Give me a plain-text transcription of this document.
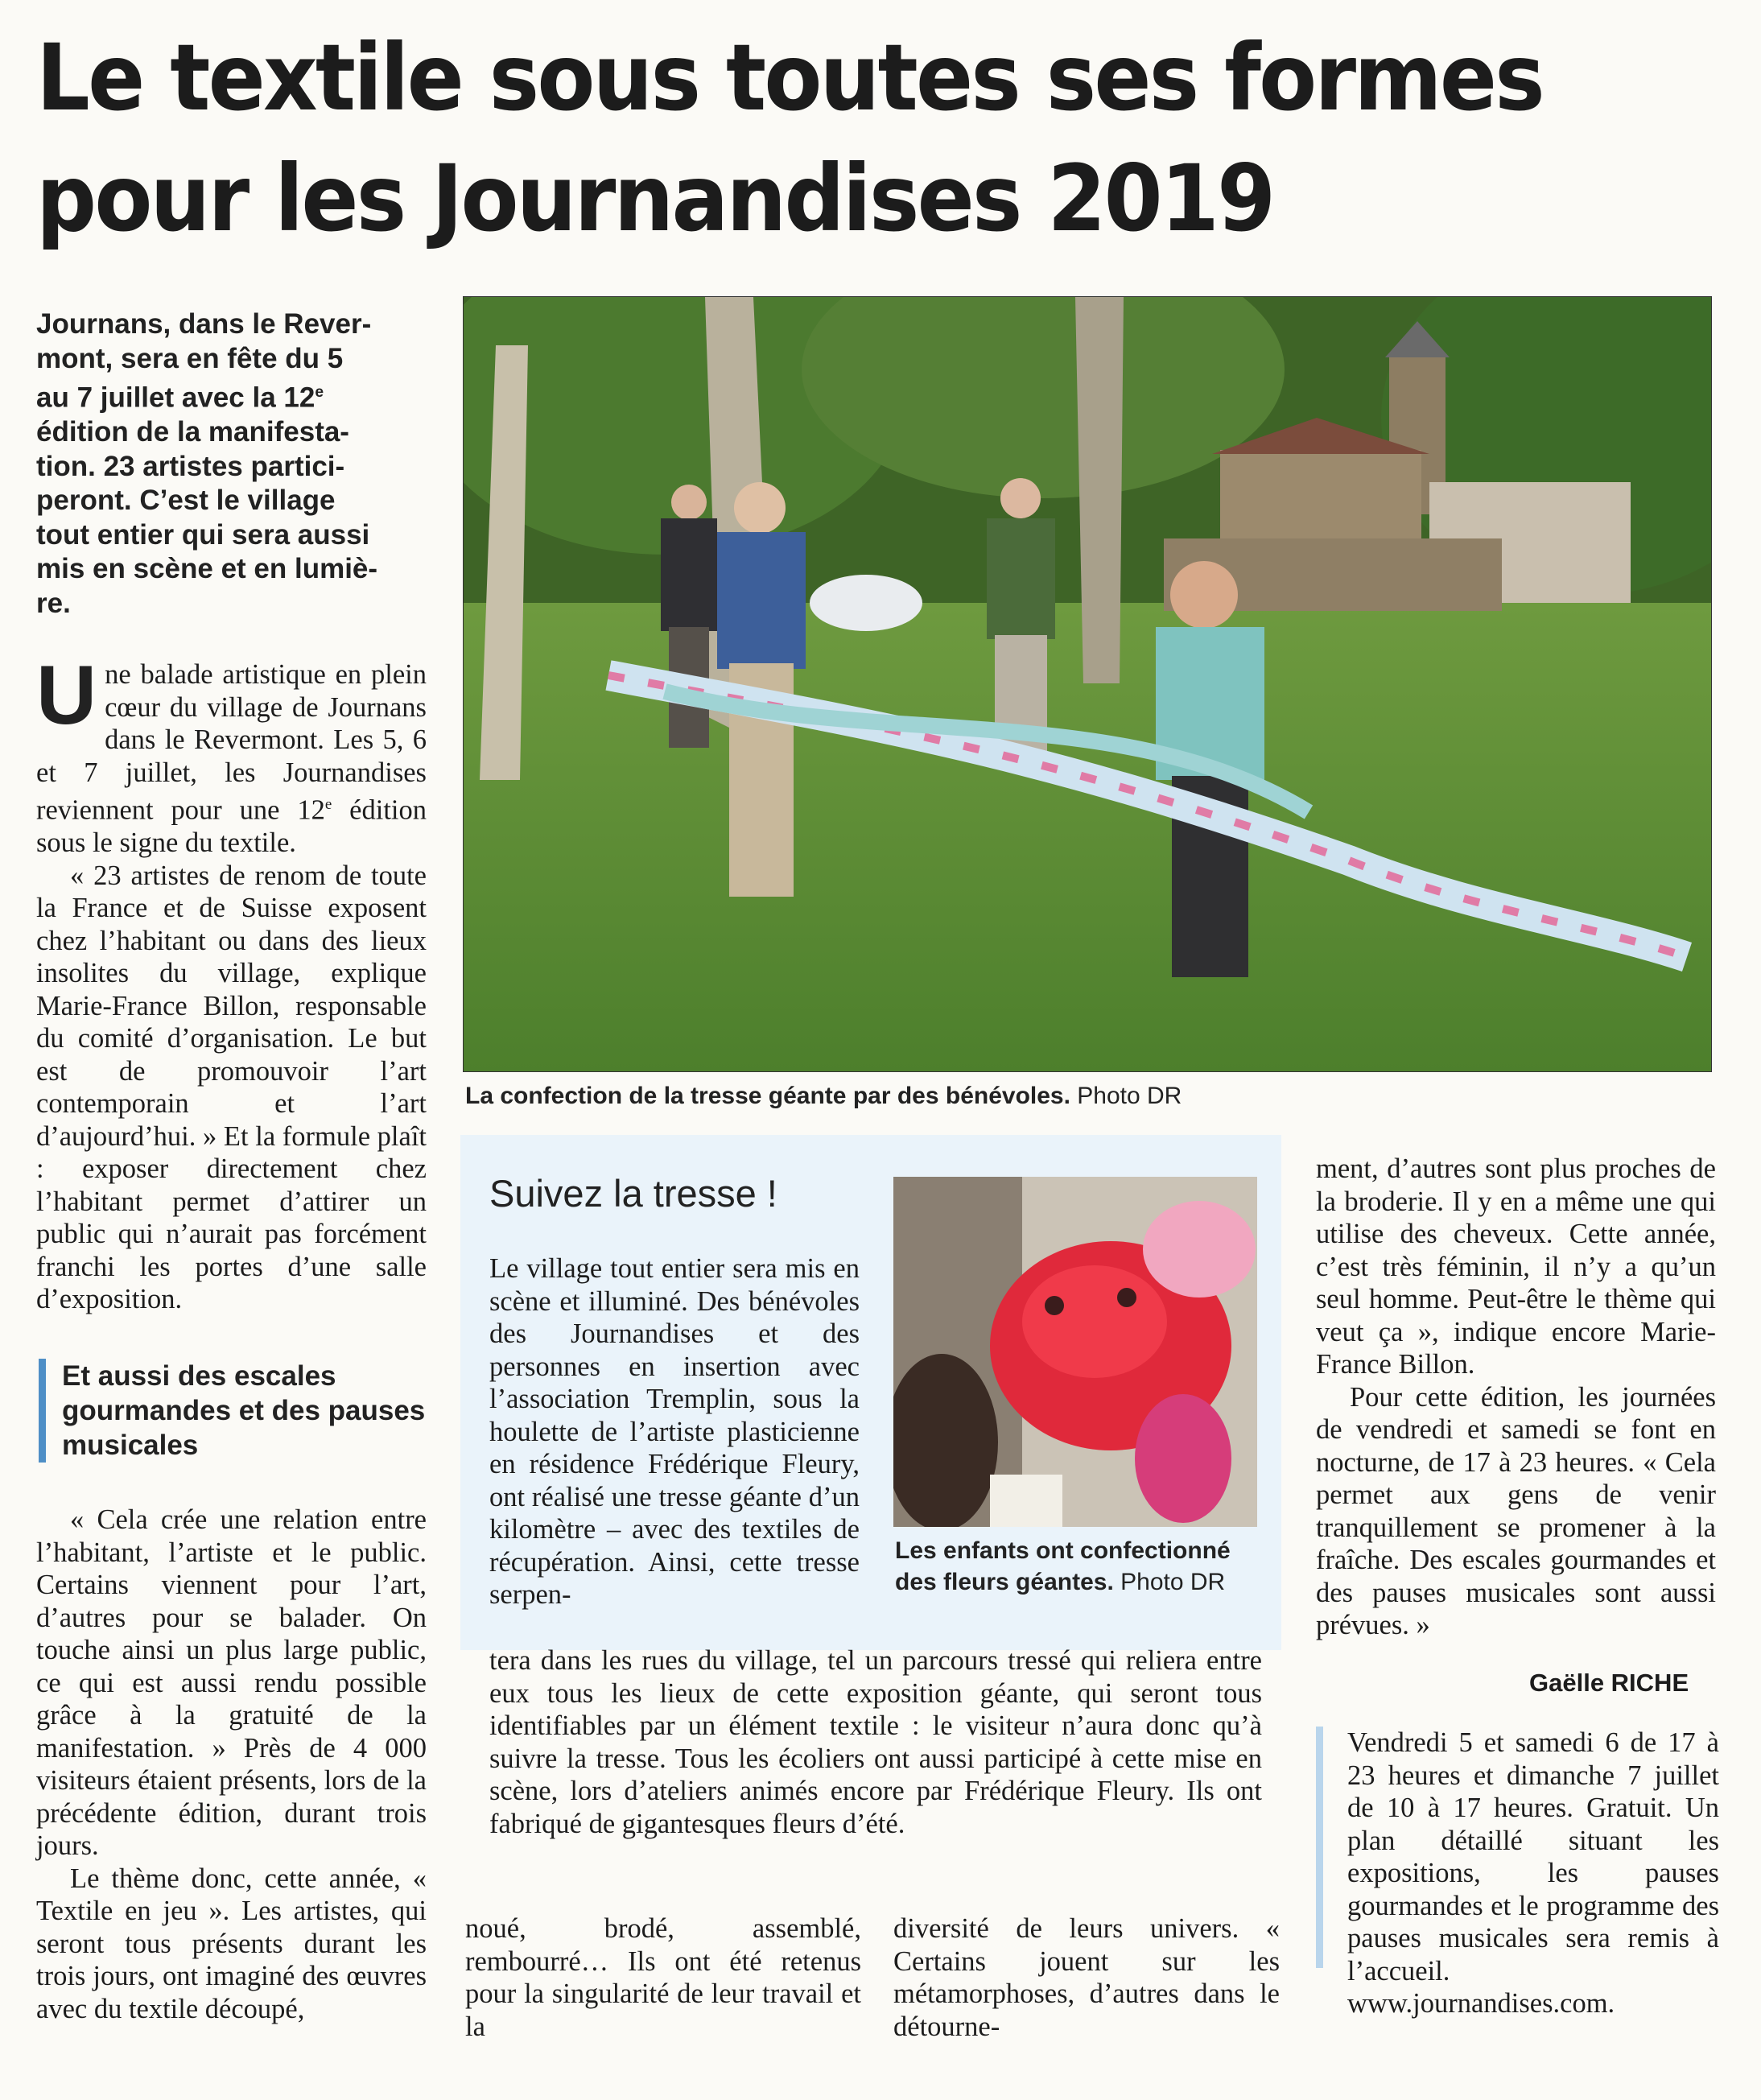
Le textile sous toutes ses formes
pour les Journandises 2019
Journans, dans le Rever-
mont, sera en fête du 5
au 7 juillet avec la 12e
édition de la manifesta-
tion. 23 artistes partici-
peront. C’est le village
tout entier qui sera aussi
mis en scène et en lumiè-
re.

Une balade artistique en plein cœur du village de Journans dans le Revermont. Les 5, 6 et 7 juillet, les Journandises reviennent pour une 12e édition sous le signe du textile.

« 23 artistes de renom de toute la France et de Suisse exposent chez l’habitant ou dans des lieux insolites du village, explique Marie-France Billon, responsable du comité d’organisation. Le but est de promouvoir l’art contemporain et l’art d’aujourd’hui. » Et la formule plaît : exposer directement chez l’habitant permet d’attirer un public qui n’aurait pas forcément franchi les portes d’une salle d’exposition.

Et aussi des escales gourmandes et des pauses musicales

« Cela crée une relation entre l’habitant, l’artiste et le public. Certains viennent pour l’art, d’autres pour se balader. On touche ainsi un plus large public, ce qui est aussi rendu possible grâce à la gratuité de la manifestation. » Près de 4 000 visiteurs étaient présents, lors de la précédente édition, durant trois jours.

Le thème donc, cette année, « Textile en jeu ». Les artistes, qui seront tous présents durant les trois jours, ont imaginé des œuvres avec du textile découpé,

La confection de la tresse géante par des bénévoles. Photo DR
Suivez la tresse !

Le village tout entier sera mis en scène et illuminé. Des bénévoles des Journandises et des personnes en insertion avec l’association Tremplin, sous la houlette de l’artiste plasticienne en résidence Frédérique Fleury, ont réalisé une tresse géante d’un kilomètre – avec des textiles de récupération. Ainsi, cette tresse serpen-

tera dans les rues du village, tel un parcours tressé qui reliera entre eux tous les lieux de cette exposition géante, qui seront tous identifiables par un élément textile : le visiteur n’aura donc qu’à suivre la tresse. Tous les écoliers ont aussi participé à cette mise en scène, lors d’ateliers animés encore par Frédérique Fleury. Ils ont fabriqué de gigantesques fleurs d’été.

Les enfants ont confectionné des fleurs géantes. Photo DR

noué, brodé, assemblé, rembourré… Ils ont été retenus pour la singularité de leur travail et la

diversité de leurs univers. « Certains jouent sur les métamorphoses, d’autres dans le détourne-

ment, d’autres sont plus proches de la broderie. Il y en a même une qui utilise des cheveux. Cette année, c’est très féminin, il n’y a qu’un seul homme. Peut-être le thème qui veut ça », indique encore Marie-France Billon.

Pour cette édition, les journées de vendredi et samedi se font en nocturne, de 17 à 23 heures. « Cela permet aux gens de venir tranquillement se promener à la fraîche. Des escales gourmandes et des pauses musicales sont aussi prévues. »

Gaëlle RICHE

Vendredi 5 et samedi 6 de 17 à 23 heures et dimanche 7 juillet de 10 à 17 heures. Gratuit. Un plan détaillé situant les expositions, les pauses gourmandes et le programme des pauses musicales sera remis à l’accueil. www.journandises.com.
